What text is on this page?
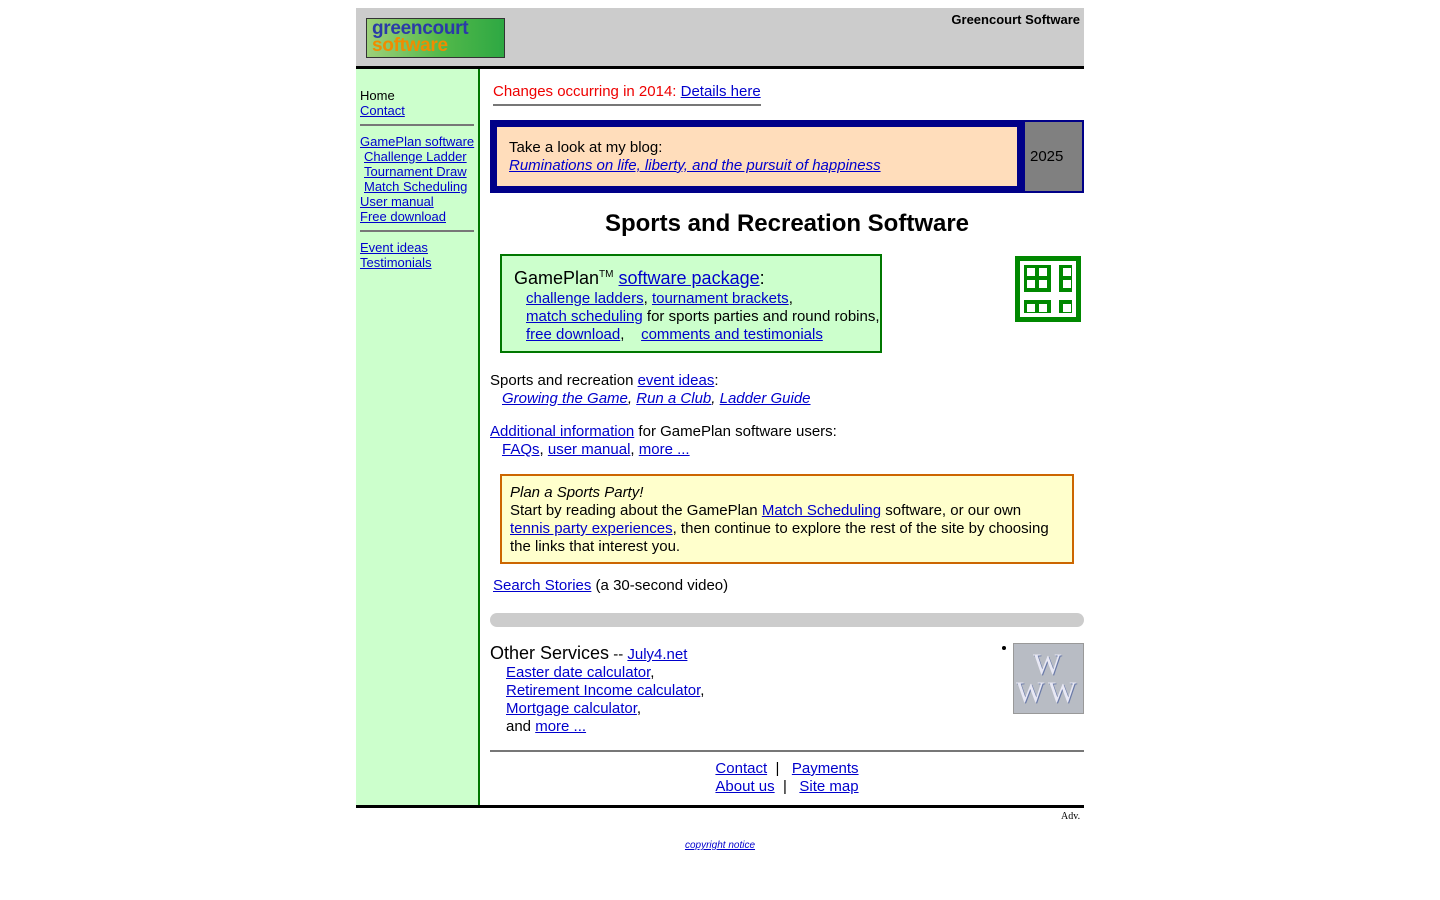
greencourt
software
Greencourt Software
Home
Contact
GamePlan software
Challenge Ladder
Tournament Draw
Match Scheduling
User manual
Free download
Event ideas
Testimonials
Changes occurring in 2014: Details here
Take a look at my blog:
Ruminations on life, liberty, and the pursuit of happiness
2025
Sports and Recreation Software
GamePlan™ software package:
challenge ladders, tournament brackets,
match scheduling for sports parties and round robins,
free download,    comments and testimonials
Sports and recreation event ideas:
Growing the Game, Run a Club, Ladder Guide
Additional information for GamePlan software users:
FAQs, user manual, more ...
Plan a Sports Party!
Start by reading about the GamePlan Match Scheduling software, or our own tennis party experiences, then continue to explore the rest of the site by choosing the links that interest you.
Search Stories (a 30-second video)
Other Services -- July4.net
Easter date calculator,
Retirement Income calculator,
Mortgage calculator,
and more ...
W
W W
Contact  |   Payments
About us  |   Site map
Adv.
copyright notice
